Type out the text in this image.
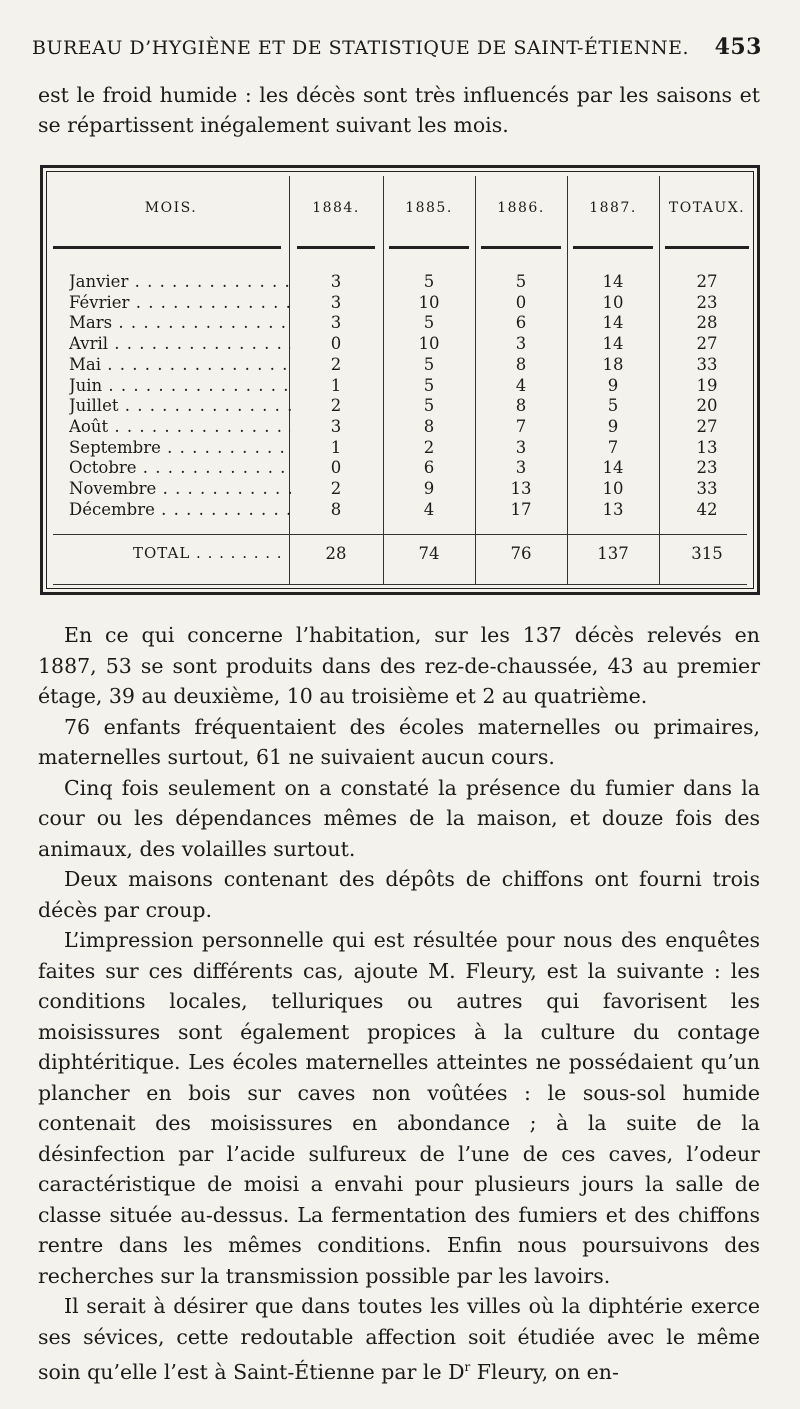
BUREAU D’HYGIÈNE ET DE STATISTIQUE DE SAINT-ÉTIENNE. 453
est le froid humide : les décès sont très influencés par les saisons et se répartissent inégalement suivant les mois.
MOIS.	1884.	1885.	1886.	1887.	TOTAUX.
Janvier . . .	3	5	5	14	27
Février . . .	3	10	0	10	23
Mars . . .	3	5	6	14	28
Avril . . .	0	10	3	14	27
Mai . . .	2	5	8	18	33
Juin . . .	1	5	4	9	19
Juillet . . .	2	5	8	5	20
Août . . .	3	8	7	9	27
Septembre . . .	1	2	3	7	13
Octobre . . .	0	6	3	14	23
Novembre . . .	2	9	13	10	33
Décembre . . .	8	4	17	13	42
TOTAL . . .	28	74	76	137	315

En ce qui concerne l’habitation, sur les 137 décès relevés en 1887, 53 se sont produits dans des rez-de-chaussée, 43 au premier étage, 39 au deuxième, 10 au troisième et 2 au quatrième.

76 enfants fréquentaient des écoles maternelles ou primaires, maternelles surtout, 61 ne suivaient aucun cours.

Cinq fois seulement on a constaté la présence du fumier dans la cour ou les dépendances mêmes de la maison, et douze fois des animaux, des volailles surtout.

Deux maisons contenant des dépôts de chiffons ont fourni trois décès par croup.

L’impression personnelle qui est résultée pour nous des enquêtes faites sur ces différents cas, ajoute M. Fleury, est la suivante : les conditions locales, telluriques ou autres qui favorisent les moisissures sont également propices à la culture du contage diphtéritique. Les écoles maternelles atteintes ne possédaient qu’un plancher en bois sur caves non voûtées : le sous-sol humide contenait des moisissures en abondance ; à la suite de la désinfection par l’acide sulfureux de l’une de ces caves, l’odeur caractéristique de moisi a envahi pour plusieurs jours la salle de classe située au-dessus. La fermentation des fumiers et des chiffons rentre dans les mêmes conditions. Enfin nous poursuivons des recherches sur la transmission possible par les lavoirs.

Il serait à désirer que dans toutes les villes où la diphtérie exerce ses sévices, cette redoutable affection soit étudiée avec le même soin qu’elle l’est à Saint-Étienne par le $D^r$ Fleury, on en-
